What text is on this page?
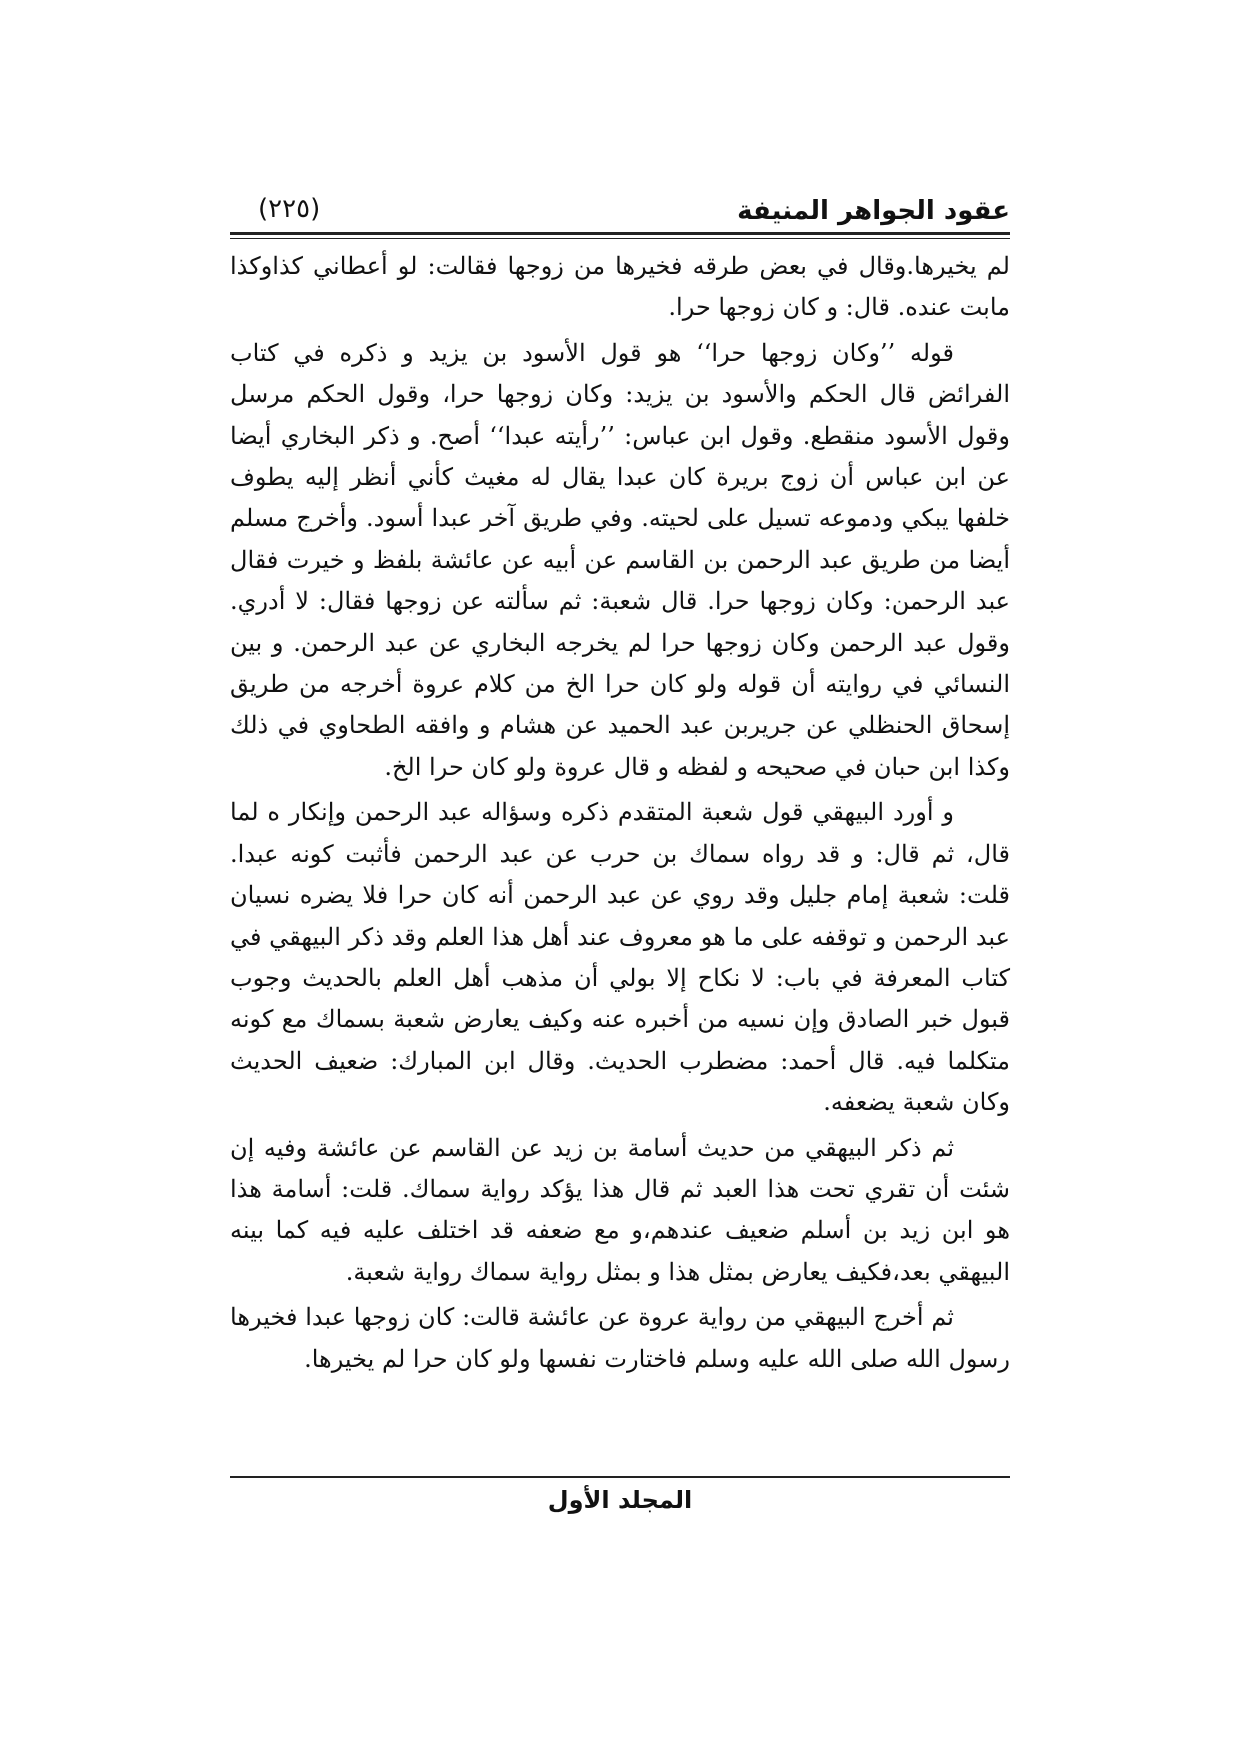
عقود الجواهر المنيفة
(٢٢٥)

لم يخيرها.وقال في بعض طرقه فخيرها من زوجها فقالت: لو أعطاني كذاوكذا مابت عنده. قال: و كان زوجها حرا.

قوله ’’وكان زوجها حرا‘‘ هو قول الأسود بن يزيد و ذكره في كتاب الفرائض قال الحكم والأسود بن يزيد: وكان زوجها حرا، وقول الحكم مرسل وقول الأسود منقطع. وقول ابن عباس: ’’رأيته عبدا‘‘ أصح. و ذكر البخاري أيضا عن ابن عباس أن زوج بريرة كان عبدا يقال له مغيث كأني أنظر إليه يطوف خلفها يبكي ودموعه تسيل على لحيته. وفي طريق آخر عبدا أسود. وأخرج مسلم أيضا من طريق عبد الرحمن بن القاسم عن أبيه عن عائشة بلفظ و خيرت فقال عبد الرحمن: وكان زوجها حرا. قال شعبة: ثم سألته عن زوجها فقال: لا أدري. وقول عبد الرحمن وكان زوجها حرا لم يخرجه البخاري عن عبد الرحمن. و بين النسائي في روايته أن قوله ولو كان حرا الخ من كلام عروة أخرجه من طريق إسحاق الحنظلي عن جريربن عبد الحميد عن هشام و وافقه الطحاوي في ذلك وكذا ابن حبان في صحيحه و لفظه و قال عروة ولو كان حرا الخ.

و أورد البيهقي قول شعبة المتقدم ذكره وسؤاله عبد الرحمن وإنكار ه لما قال، ثم قال: و قد رواه سماك بن حرب عن عبد الرحمن فأثبت كونه عبدا. قلت: شعبة إمام جليل وقد روي عن عبد الرحمن أنه كان حرا فلا يضره نسيان عبد الرحمن و توقفه على ما هو معروف عند أهل هذا العلم وقد ذكر البيهقي في كتاب المعرفة في باب: لا نكاح إلا بولي أن مذهب أهل العلم بالحديث وجوب قبول خبر الصادق وإن نسيه من أخبره عنه وكيف يعارض شعبة بسماك مع كونه متكلما فيه. قال أحمد: مضطرب الحديث. وقال ابن المبارك: ضعيف الحديث وكان شعبة يضعفه.

ثم ذكر البيهقي من حديث أسامة بن زيد عن القاسم عن عائشة وفيه إن شئت أن تقري تحت هذا العبد ثم قال هذا يؤكد رواية سماك. قلت: أسامة هذا هو ابن زيد بن أسلم ضعيف عندهم،و مع ضعفه قد اختلف عليه فيه كما بينه البيهقي بعد،فكيف يعارض بمثل هذا و بمثل رواية سماك رواية شعبة.

ثم أخرج البيهقي من رواية عروة عن عائشة قالت: كان زوجها عبدا فخيرها رسول الله صلى الله عليه وسلم فاختارت نفسها ولو كان حرا لم يخيرها.

المجلد الأول
